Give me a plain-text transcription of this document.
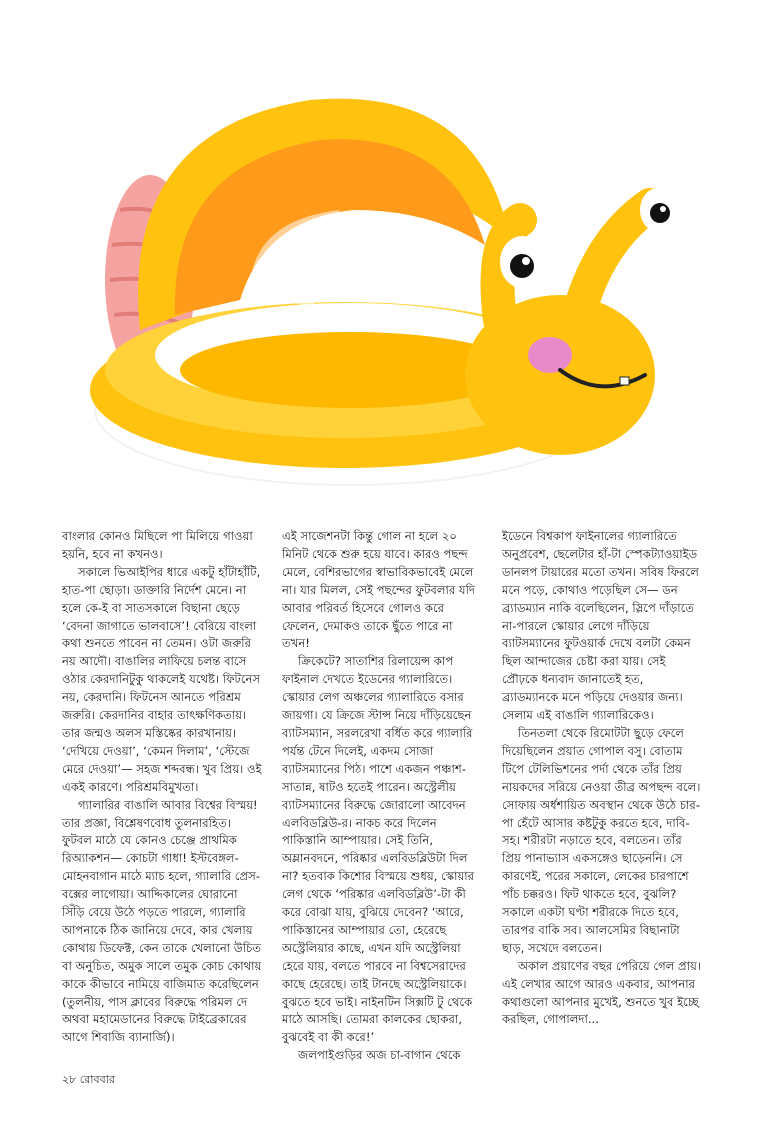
বাংলার কোনও মিছিলে পা মিলিয়ে গাওয়া হয়নি, হবে না কখনও।

সকালে ভিআইপির ধারে একটু হাঁটাহাঁটি, হাত-পা ছোড়া। ডাক্তারি নির্দেশ মেনে। না হলে কে-ই বা সাতসকালে বিছানা ছেড়ে ‘বেদনা জাগাতে ভালবাসে’! বেরিয়ে বাংলা কথা শুনতে পাবেন না তেমন। ওটা জরুরি নয় আদৌ। বাঙালির লাফিয়ে চলন্ত বাসে ওঠার কেরদানিটুকু থাকলেই যথেষ্ট। ফিটনেস নয়, কেরদানি। ফিটনেস আনতে পরিশ্রম জরুরি। কেরদানির বাহার তাৎক্ষণিকতায়। তার জন্মও অলস মস্তিষ্কের কারখানায়। ‘দেখিয়ে দেওয়া’, ‘কেমন দিলাম’, ‘স্টেজে মেরে দেওয়া’— সহজ শব্দবন্ধ। খুব প্রিয়। ওই একই কারণে। পরিশ্রমবিমুখতা।

গ্যালারির বাঙালি আবার বিশ্বের বিস্ময়! তার প্রজ্ঞা, বিশ্লেষণবোধ তুলনারহিত। ফুটবল মাঠে যে কোনও চেঞ্জে প্রাথমিক রিঅ্যাকশন— কোচটা গাধা! ইস্টবেঙ্গল-মোহনবাগান মাঠে ম্যাচ হলে, গ্যালারি প্রেস-বক্সের লাগোয়া। আদ্দিকালের ঘোরানো সিঁড়ি বেয়ে উঠে পড়তে পারলে, গ্যালারি আপনাকে ঠিক জানিয়ে দেবে, কার খেলায় কোথায় ডিফেক্ট, কেন তাকে খেলানো উচিত বা অনুচিত, অমুক সালে তমুক কোচ কোথায় কাকে কীভাবে নামিয়ে বাজিমাত করেছিলেন (তুলনীয়, পাস ক্লাবের বিরুদ্ধে পরিমল দে অথবা মহামেডানের বিরুদ্ধে টাইব্রেকারের আগে শিবাজি ব্যানার্জি)।

এই সাজেশনটা কিন্তু গোল না হলে ২০ মিনিট থেকে শুরু হয়ে যাবে। কারও পছন্দ মেলে, বেশিরভাগের স্বাভাবিকভাবেই মেলে না। যার মিলল, সেই পছন্দের ফুটবলার যদি আবার পরিবর্ত হিসেবে গোলও করে ফেলেন, দেমাকও তাকে ছুঁতে পারে না তখন!

ক্রিকেটে? সাতাশির রিলায়েন্স কাপ ফাইনাল দেখতে ইডেনের গ্যালারিতে। স্কোয়ার লেগ অঞ্চলের গ্যালারিতে বসার জায়গা। যে ক্রিজে স্টান্স নিয়ে দাঁড়িয়েছেন ব্যাটসম্যান, সরলরেখা বর্ধিত করে গ্যালারি পর্যন্ত টেনে দিলেই, একদম সোজা ব্যাটসম্যানের পিঠ। পাশে একজন পঞ্চাশ-সাতান্ন, ষাটও হতেই পারেন। অস্ট্রেলীয় ব্যাটসম্যানের বিরুদ্ধে জোরালো আবেদন এলবিডব্লিউ-র। নাকচ করে দিলেন পাকিস্তানি আম্পায়ার। সেই তিনি, অম্লানবদনে, পরিষ্কার এলবিডব্লিউটা দিল না? হতবাক কিশোর বিস্ময়ে শুধয়, স্কোয়ার লেগ থেকে ‘পরিষ্কার এলবিডব্লিউ’-টা কী করে বোঝা যায়, বুঝিয়ে দেবেন? ‘আরে, পাকিস্তানের আম্পায়ার তো, হেরেছে অস্ট্রেলিয়ার কাছে, এখন যদি অস্ট্রেলিয়া হেরে যায়, বলতে পারবে না বিশ্বসেরাদের কাছে হেরেছে। তাই টানছে অস্ট্রেলিয়াকে। বুঝতে হবে ভাই। নাইনটিন সিক্সটি টু থেকে মাঠে আসছি। তোমরা কালকের ছোকরা, বুঝবেই বা কী করে!’

জলপাইগুড়ির অজ চা-বাগান থেকে

ইডেনে বিশ্বকাপ ফাইনালের গ্যালারিতে অনুপ্রবেশ, ছেলেটার হাঁ-টা স্পেকট্যাওয়াইড ডানলপ টায়ারের মতো তখন। সবিষ ফিরলে মনে পড়ে, কোথাও পড়েছিল সে— ডন ব্র্যাডম্যান নাকি বলেছিলেন, স্লিপে দাঁড়াতে না-পারলে স্কোয়ার লেগে দাঁড়িয়ে ব্যাটসম্যানের ফুটওয়ার্ক দেখে বলটা কেমন ছিল আন্দাজের চেষ্টা করা যায়। সেই প্রৌঢ়কে ধন্যবাদ জানাতেই হত, ব্র্যাডম্যানকে মনে পড়িয়ে দেওয়ার জন্য। সেলাম এই বাঙালি গ্যালারিকেও।

তিনতলা থেকে রিমোটটা ছুড়ে ফেলে দিয়েছিলেন প্রয়াত গোপাল বসু। বোতাম টিপে টেলিভিশনের পর্দা থেকে তাঁর প্রিয় নায়কদের সরিয়ে নেওয়া তীব্র অপছন্দ বলে। সোফায় অর্ধশায়িত অবস্থান থেকে উঠে চার-পা হেঁটে আসার কষ্টটুকু করতে হবে, দাবি-সহ। শরীরটা নড়াতে হবে, বলতেন। তাঁর প্রিয় পানাভ্যাস একসঙ্গেও ছাড়েননি। সে কারণেই, পরের সকালে, লেকের চারপাশে পাঁচ চক্করও। ফিট থাকতে হবে, বুঝলি? সকালে একটা ঘণ্টা শরীরকে দিতে হবে, তারপর বাকি সব। আলসেমির বিছানাটা ছাড়, সখেদে বলতেন।

অকাল প্রয়াণের বছর পেরিয়ে গেল প্রায়। এই লেখার আগে আরও একবার, আপনার কথাগুলো আপনার মুখেই, শুনতে খুব ইচ্ছে করছিল, গোপালদা...

২৮ রোববার
